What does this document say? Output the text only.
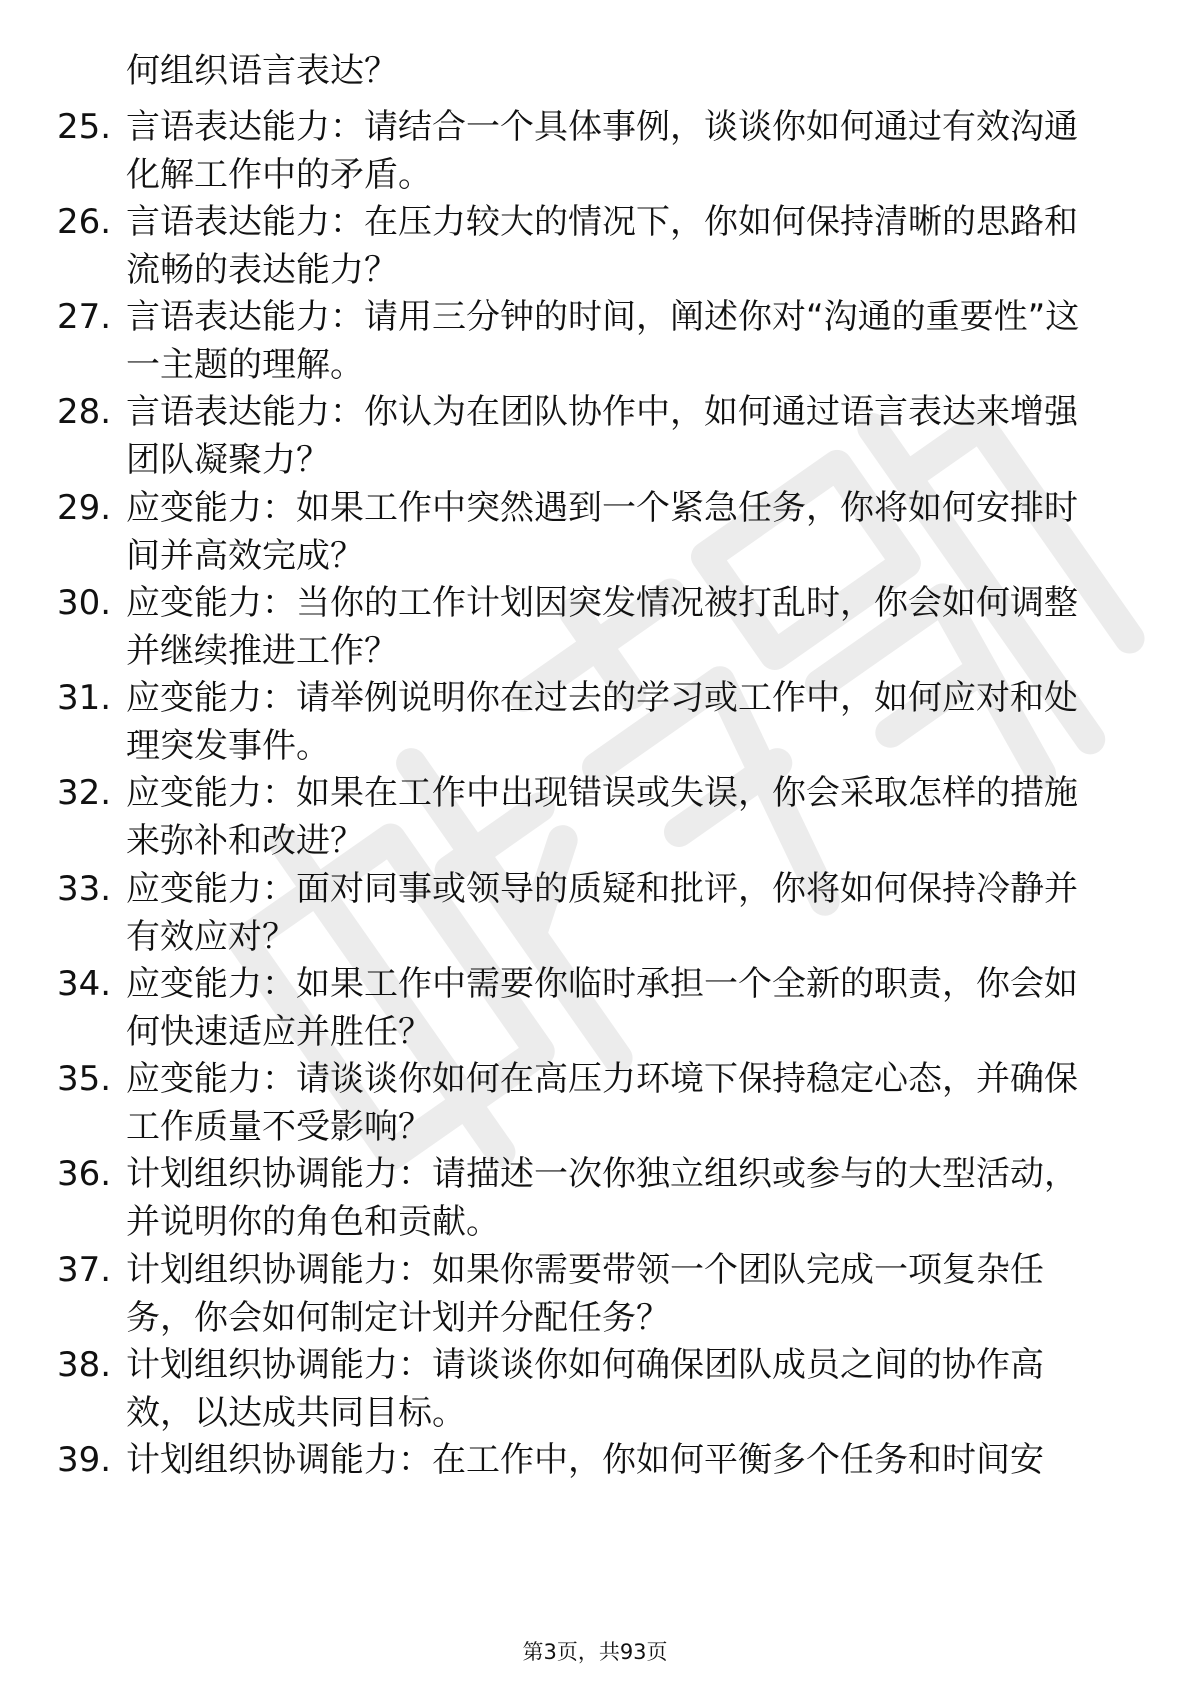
何组织语言表达？
25. 言语表达能力：请结合一个具体事例，谈谈你如何通过有效沟通
化解工作中的矛盾。
26. 言语表达能力：在压力较大的情况下，你如何保持清晰的思路和
流畅的表达能力？
27. 言语表达能力：请用三分钟的时间，阐述你对“沟通的重要性”这
一主题的理解。
28. 言语表达能力：你认为在团队协作中，如何通过语言表达来增强
团队凝聚力？
29. 应变能力：如果工作中突然遇到一个紧急任务，你将如何安排时
间并高效完成？
30. 应变能力：当你的工作计划因突发情况被打乱时，你会如何调整
并继续推进工作？
31. 应变能力：请举例说明你在过去的学习或工作中，如何应对和处
理突发事件。
32. 应变能力：如果在工作中出现错误或失误，你会采取怎样的措施
来弥补和改进？
33. 应变能力：面对同事或领导的质疑和批评，你将如何保持冷静并
有效应对？
34. 应变能力：如果工作中需要你临时承担一个全新的职责，你会如
何快速适应并胜任？
35. 应变能力：请谈谈你如何在高压力环境下保持稳定心态，并确保
工作质量不受影响？
36. 计划组织协调能力：请描述一次你独立组织或参与的大型活动，
并说明你的角色和贡献。
37. 计划组织协调能力：如果你需要带领一个团队完成一项复杂任
务，你会如何制定计划并分配任务？
38. 计划组织协调能力：请谈谈你如何确保团队成员之间的协作高
效，以达成共同目标。
39. 计划组织协调能力：在工作中，你如何平衡多个任务和时间安
第3页，共93页
